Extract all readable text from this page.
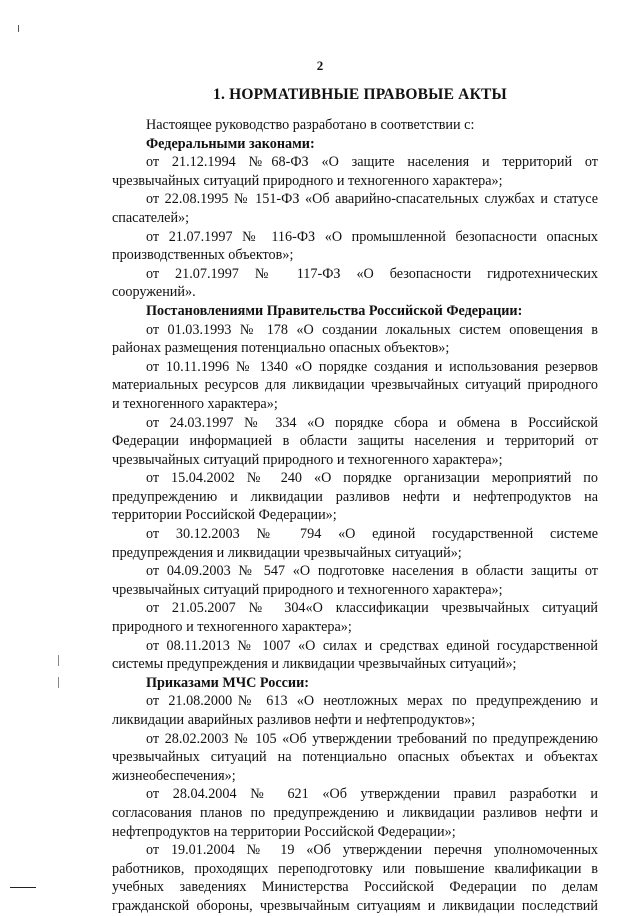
2
1. НОРМАТИВНЫЕ ПРАВОВЫЕ АКТЫ
Настоящее руководство разработано в соответствии с:
Федеральными законами:
от 21.12.1994 №68-ФЗ «О защите населения и территорий от
чрезвычайных ситуаций природного и техногенного характера»;
от 22.08.1995 № 151-ФЗ «Об аварийно-спасательных службах и статусе
спасателей»;
от 21.07.1997 № 116-ФЗ «О промышленной безопасности опасных
производственных объектов»;
от 21.07.1997 № 117-ФЗ «О безопасности гидротехнических
сооружений».
Постановлениями Правительства Российской Федерации:
от 01.03.1993 № 178 «О создании локальных систем оповещения в
районах размещения потенциально опасных объектов»;
от 10.11.1996 № 1340 «О порядке создания и использования резервов
материальных ресурсов для ликвидации чрезвычайных ситуаций природного
и техногенного характера»;
от 24.03.1997 № 334 «О порядке сбора и обмена в Российской
Федерации информацией в области защиты населения и территорий от
чрезвычайных ситуаций природного и техногенного характера»;
от 15.04.2002 № 240 «О порядке организации мероприятий по
предупреждению и ликвидации разливов нефти и нефтепродуктов на
территории Российской Федерации»;
от 30.12.2003 № 794 «О единой государственной системе
предупреждения и ликвидации чрезвычайных ситуаций»;
от 04.09.2003 № 547 «О подготовке населения в области защиты от
чрезвычайных ситуаций природного и техногенного характера»;
от 21.05.2007 № 304«О классификации чрезвычайных ситуаций
природного и техногенного характера»;
от 08.11.2013 № 1007 «О силах и средствах единой государственной
системы предупреждения и ликвидации чрезвычайных ситуаций»;
Приказами МЧС России:
от 21.08.2000№ 613 «О неотложных мерах по предупреждению и
ликвидации аварийных разливов нефти и нефтепродуктов»;
от 28.02.2003 № 105 «Об утверждении требований по предупреждению
чрезвычайных ситуаций на потенциально опасных объектах и объектах
жизнеобеспечения»;
от 28.04.2004 № 621 «Об утверждении правил разработки и
согласования планов по предупреждению и ликвидации разливов нефти и
нефтепродуктов на территории Российской Федерации»;
от 19.01.2004 № 19 «Об утверждении перечня уполномоченных
работников, проходящих переподготовку или повышение квалификации в
учебных заведениях Министерства Российской Федерации по делам
гражданской обороны, чрезвычайным ситуациям и ликвидации последствий
